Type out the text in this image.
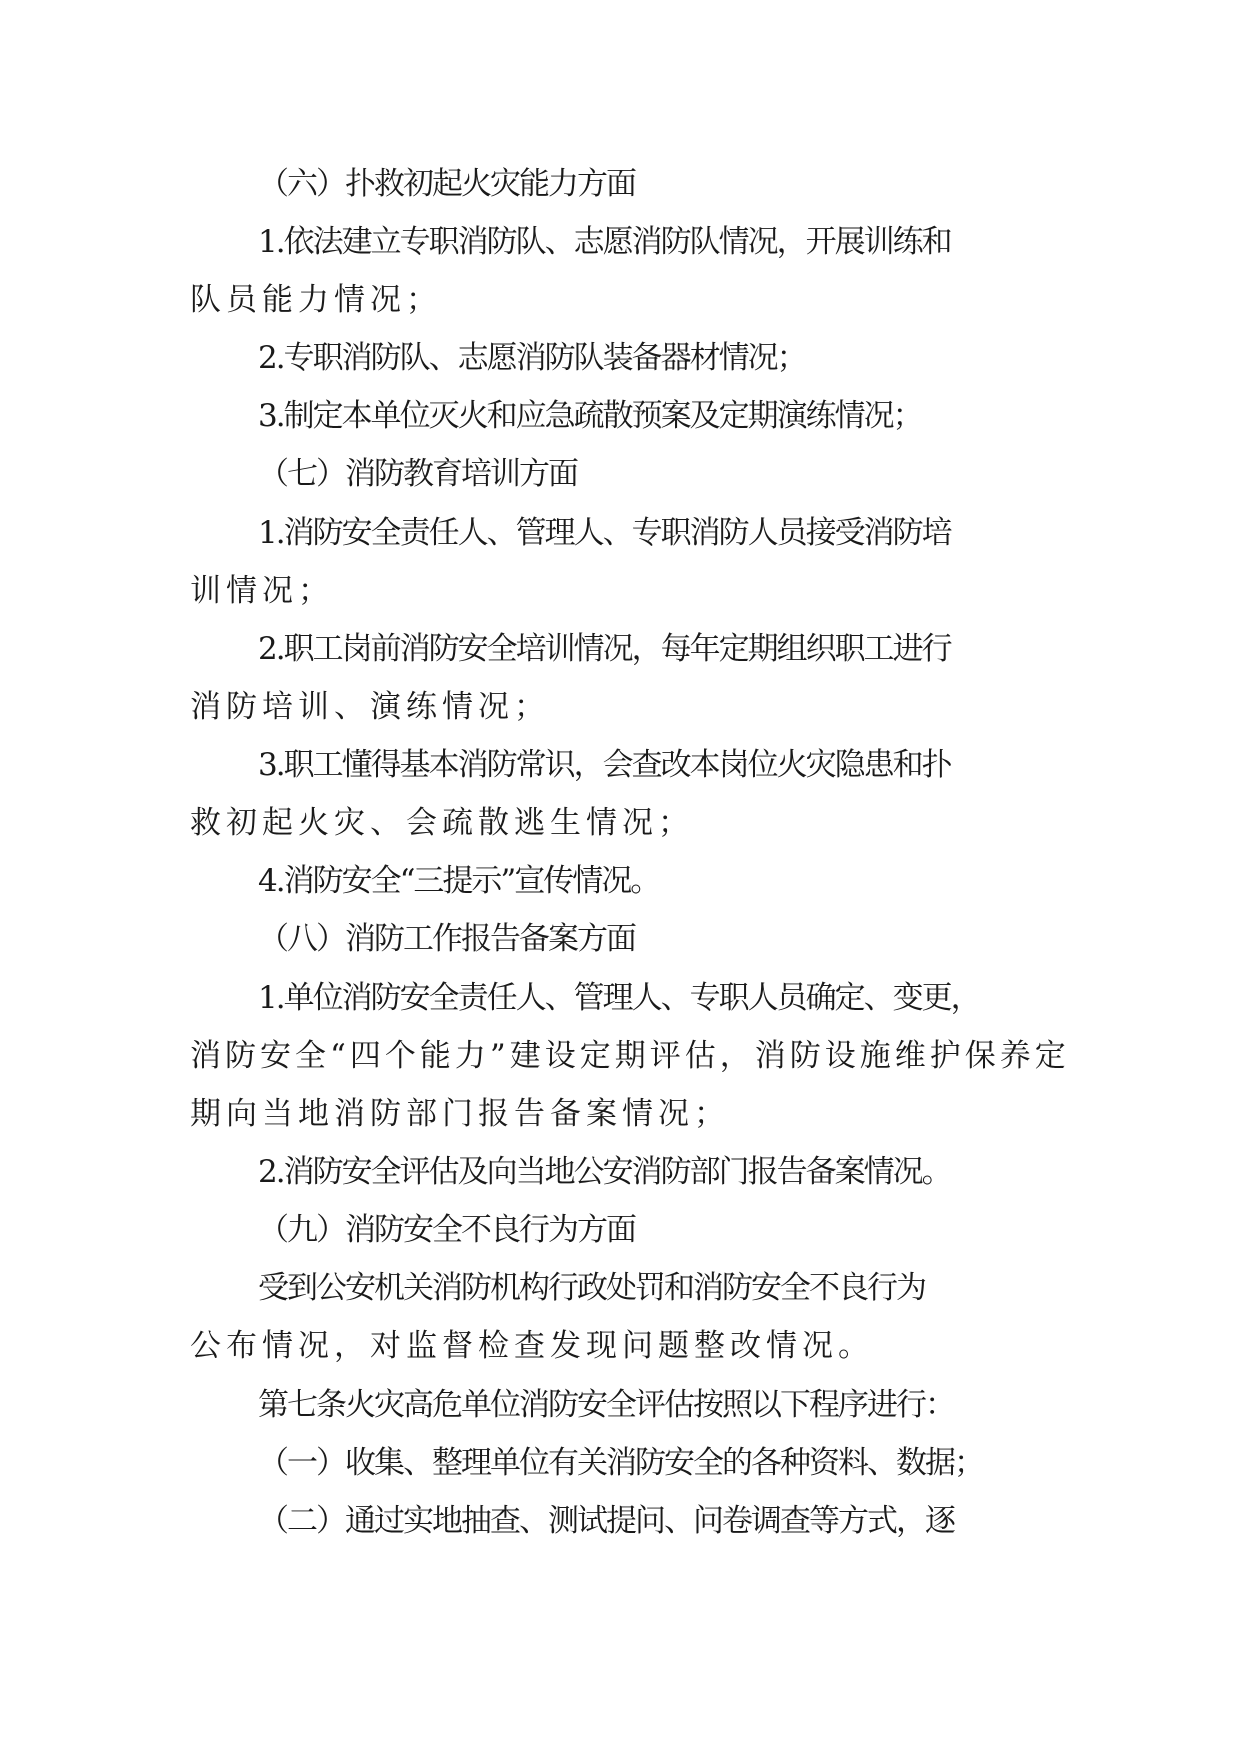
（六）扑救初起火灾能力方面
1.依法建立专职消防队、志愿消防队情况，开展训练和
队员能力情况；
2.专职消防队、志愿消防队装备器材情况；
3.制定本单位灭火和应急疏散预案及定期演练情况；
（七）消防教育培训方面
1.消防安全责任人、管理人、专职消防人员接受消防培
训情况；
2.职工岗前消防安全培训情况，每年定期组织职工进行
消防培训、演练情况；
3.职工懂得基本消防常识，会查改本岗位火灾隐患和扑
救初起火灾、会疏散逃生情况；
4.消防安全“三提示”宣传情况。
（八）消防工作报告备案方面
1.单位消防安全责任人、管理人、专职人员确定、变更，
消防安全“四个能力”建设定期评估，消防设施维护保养定
期向当地消防部门报告备案情况；
2.消防安全评估及向当地公安消防部门报告备案情况。
（九）消防安全不良行为方面
受到公安机关消防机构行政处罚和消防安全不良行为
公布情况，对监督检查发现问题整改情况。
第七条火灾高危单位消防安全评估按照以下程序进行：
（一）收集、整理单位有关消防安全的各种资料、数据；
（二）通过实地抽查、测试提问、问卷调查等方式，逐
